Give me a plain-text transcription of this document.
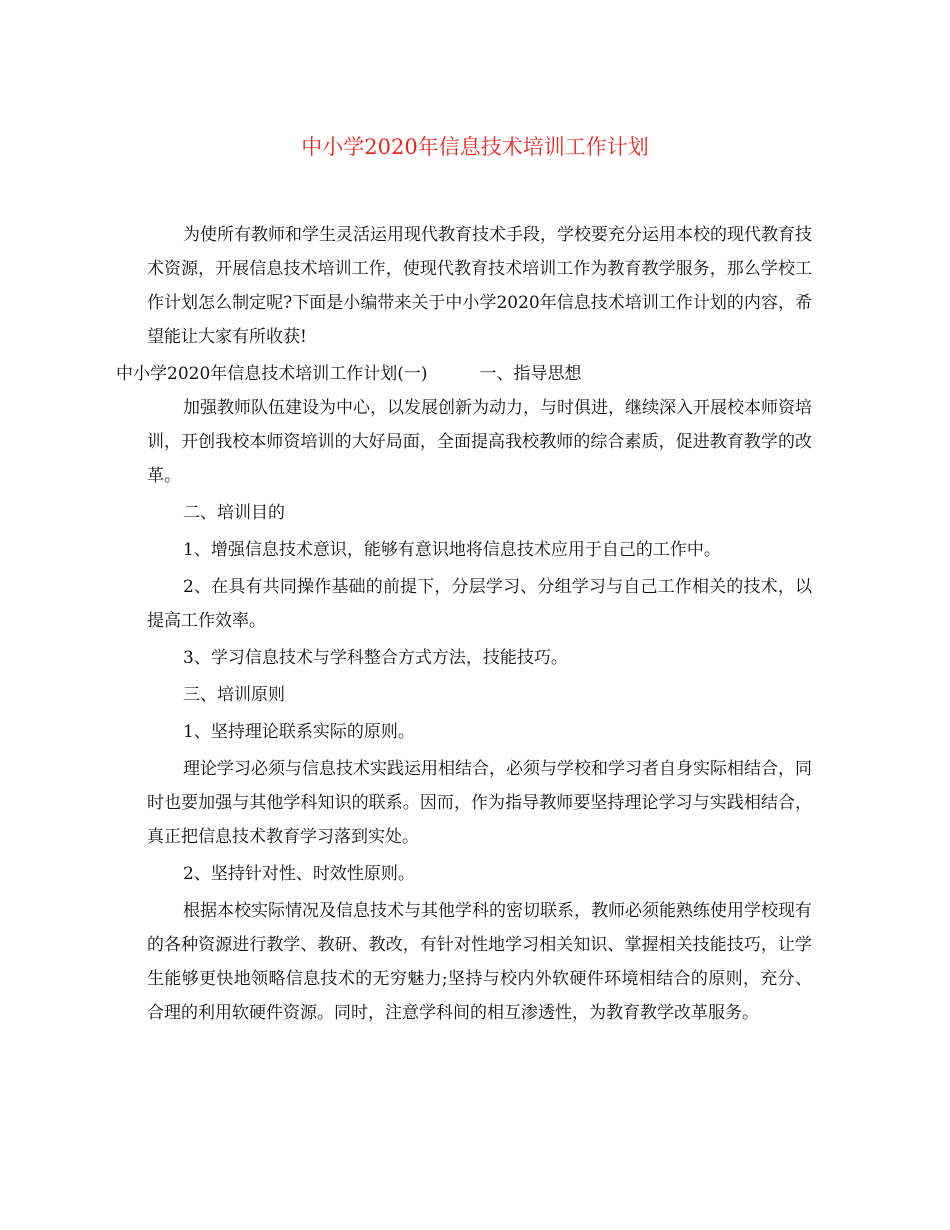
中小学2020年信息技术培训工作计划

为使所有教师和学生灵活运用现代教育技术手段，学校要充分运用本校的现代教育技术资源，开展信息技术培训工作，使现代教育技术培训工作为教育教学服务，那么学校工作计划怎么制定呢?下面是小编带来关于中小学2020年信息技术培训工作计划的内容，希望能让大家有所收获!

中小学2020年信息技术培训工作计划(一)	一、指导思想

加强教师队伍建设为中心，以发展创新为动力，与时俱进，继续深入开展校本师资培训，开创我校本师资培训的大好局面，全面提高我校教师的综合素质，促进教育教学的改革。

二、培训目的

1、增强信息技术意识，能够有意识地将信息技术应用于自己的工作中。

2、在具有共同操作基础的前提下，分层学习、分组学习与自己工作相关的技术，以提高工作效率。

3、学习信息技术与学科整合方式方法，技能技巧。

三、培训原则

1、坚持理论联系实际的原则。

理论学习必须与信息技术实践运用相结合，必须与学校和学习者自身实际相结合，同时也要加强与其他学科知识的联系。因而，作为指导教师要坚持理论学习与实践相结合，真正把信息技术教育学习落到实处。

2、坚持针对性、时效性原则。

根据本校实际情况及信息技术与其他学科的密切联系，教师必须能熟练使用学校现有的各种资源进行教学、教研、教改，有针对性地学习相关知识、掌握相关技能技巧，让学生能够更快地领略信息技术的无穷魅力;坚持与校内外软硬件环境相结合的原则，充分、合理的利用软硬件资源。同时，注意学科间的相互渗透性，为教育教学改革服务。
